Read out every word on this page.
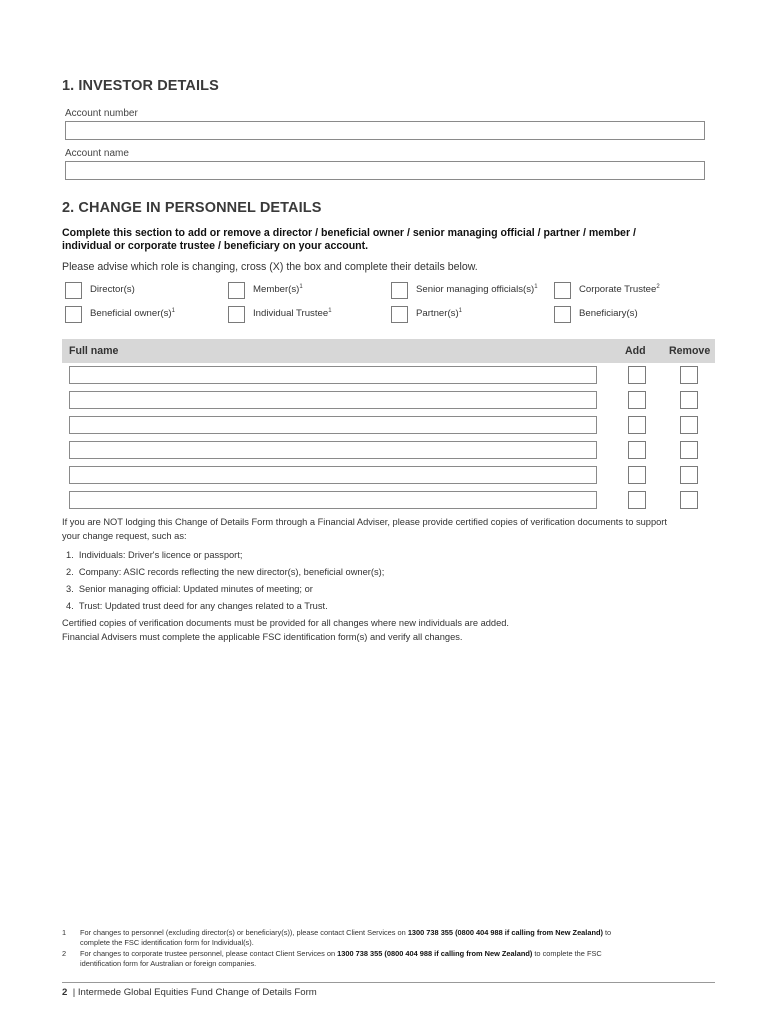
1. INVESTOR DETAILS
Account number
Account name
2. CHANGE IN PERSONNEL DETAILS
Complete this section to add or remove a director / beneficial owner / senior managing official / partner / member /
individual or corporate trustee / beneficiary on your account.
Please advise which role is changing, cross (X) the box and complete their details below.
Director(s)	$Member(s)^1$	Senior managing $officials(s)^1$	Corporate Trustee$^2$
Beneficial $owner(s)^1$	Individual Trustee$^1$	$Partner(s)^1$	Beneficiary(s)
Full name	Add Remove
If you are NOT lodging this Change of Details Form through a Financial Adviser, please provide certified copies of verification documents to support
your change request, such as:
1.  Individuals: Driver's licence or passport;
2.  Company: ASIC records reflecting the new director(s), beneficial owner(s);
3.  Senior managing official: Updated minutes of meeting; or
4.  Trust: Updated trust deed for any changes related to a Trust.
Certified copies of verification documents must be provided for all changes where new individuals are added.
Financial Advisers must complete the applicable FSC identification form(s) and verify all changes.
1 For changes to personnel (excluding director(s) or beneficiary(s)), please contact Client Services on 1300 738 355 (0800 404 988 if calling from New Zealand) to
complete the FSC identification form for Individual(s).
2 For changes to corporate trustee personnel, please contact Client Services on 1300 738 355 (0800 404 988 if calling from New Zealand) to complete the FSC
identification form for Australian or foreign companies.
2 | Intermede Global Equities Fund Change of Details Form
